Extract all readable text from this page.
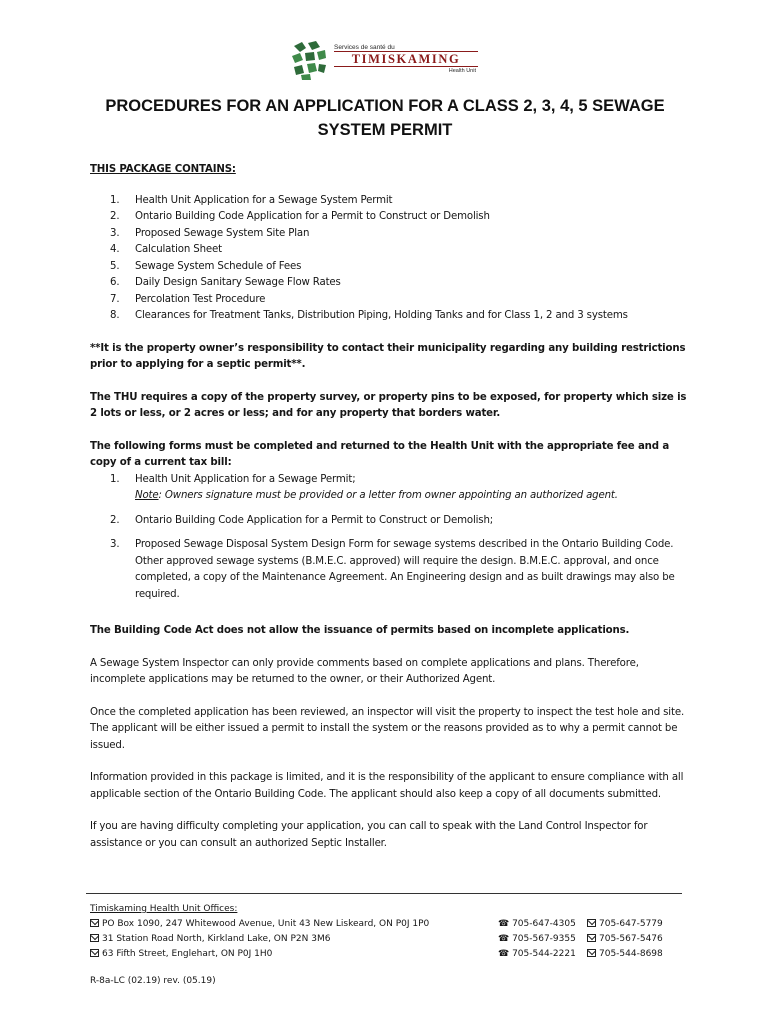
Services de santé du
TIMISKAMING
Health Unit
PROCEDURES FOR AN APPLICATION FOR A CLASS 2, 3, 4, 5 SEWAGE SYSTEM PERMIT
THIS PACKAGE CONTAINS:
1.	Health Unit Application for a Sewage System Permit
2.	Ontario Building Code Application for a Permit to Construct or Demolish
3.	Proposed Sewage System Site Plan
4.	Calculation Sheet
5.	Sewage System Schedule of Fees
6.	Daily Design Sanitary Sewage Flow Rates
7.	Percolation Test Procedure
8.	Clearances for Treatment Tanks, Distribution Piping, Holding Tanks and for Class 1, 2 and 3 systems

**It is the property owner’s responsibility to contact their municipality regarding any building restrictions prior to applying for a septic permit**.

The THU requires a copy of the property survey, or property pins to be exposed, for property which size is 2 lots or less, or 2 acres or less; and for any property that borders water.

The following forms must be completed and returned to the Health Unit with the appropriate fee and a copy of a current tax bill:

1.	Health Unit Application for a Sewage Permit;
Note: Owners signature must be provided or a letter from owner appointing an authorized agent.
2.	Ontario Building Code Application for a Permit to Construct or Demolish;
3.	Proposed Sewage Disposal System Design Form for sewage systems described in the Ontario Building Code. Other approved sewage systems (B.M.E.C. approved) will require the design. B.M.E.C. approval, and once completed, a copy of the Maintenance Agreement. An Engineering design and as built drawings may also be required.

The Building Code Act does not allow the issuance of permits based on incomplete applications.

A Sewage System Inspector can only provide comments based on complete applications and plans. Therefore, incomplete applications may be returned to the owner, or their Authorized Agent.

Once the completed application has been reviewed, an inspector will visit the property to inspect the test hole and site. The applicant will be either issued a permit to install the system or the reasons provided as to why a permit cannot be issued.

Information provided in this package is limited, and it is the responsibility of the applicant to ensure compliance with all applicable section of the Ontario Building Code. The applicant should also keep a copy of all documents submitted.

If you are having difficulty completing your application, you can call to speak with the Land Control Inspector for assistance or you can consult an authorized Septic Installer.

Timiskaming Health Unit Offices:
PO Box 1090, 247 Whitewood Avenue, Unit 43 New Liskeard, ON P0J 1P0	☎ 705-647-4305	705-647-5779
31 Station Road North, Kirkland Lake, ON P2N 3M6	☎ 705-567-9355	705-567-5476
63 Fifth Street, Englehart, ON P0J 1H0	☎ 705-544-2221	705-544-8698
R-8a-LC (02.19) rev. (05.19)
